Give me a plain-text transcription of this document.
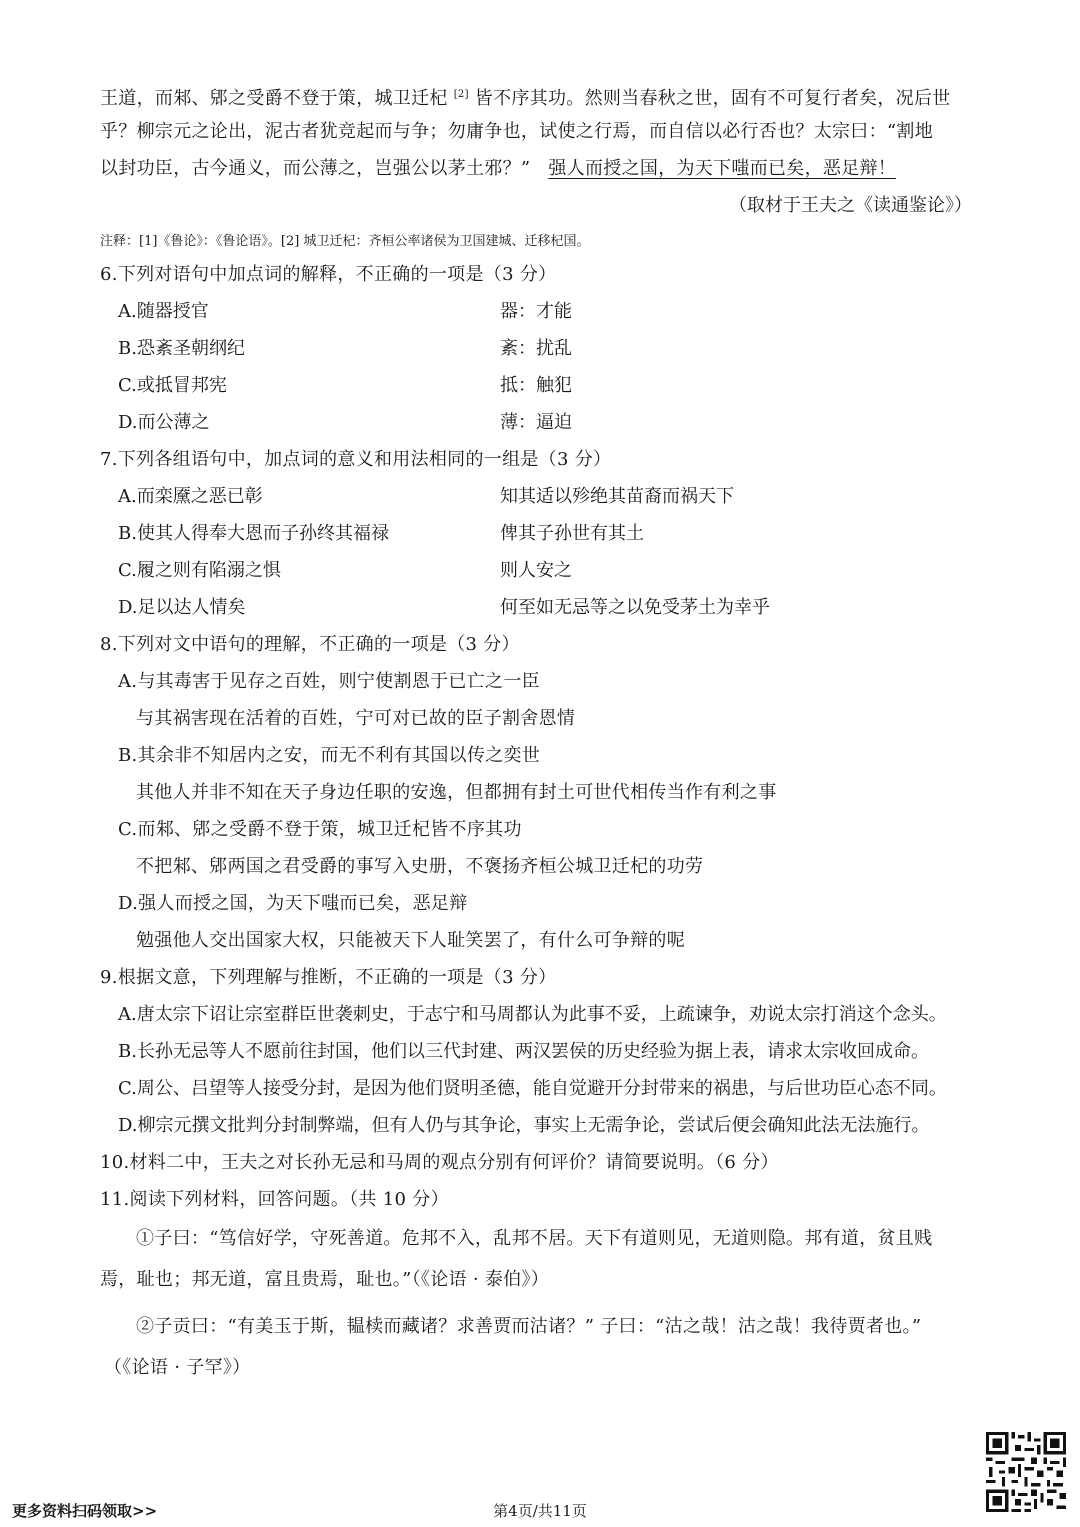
王道，而邾、郳之受爵不登于策，城卫迁杞 [2] 皆不序其功。然则当春秋之世，固有不可复行者矣，况后世
乎？柳宗元之论出，泥古者犹竞起而与争；勿庸争也，试使之行焉，而自信以必行否也？太宗曰：“割地
以封功臣，古今通义，而公薄之，岂强公以茅土邪？” 强人而授之国，为天下嗤而已矣，恶足辩！
（取材于王夫之《读通鉴论》）
注释：[1]《鲁论》：《鲁论语》。[2] 城卫迁杞：齐桓公率诸侯为卫国建城、迁移杞国。
6.下列对语句中加点词的解释，不正确的一项是（3 分）
A.随器授官	器：才能
B.恐紊圣朝纲纪	紊：扰乱
C.或抵冒邦宪	抵：触犯
D.而公薄之	薄：逼迫
7.下列各组语句中，加点词的意义和用法相同的一组是（3 分）
A.而栾黡之恶已彰	知其适以殄绝其苗裔而祸天下
B.使其人得奉大恩而子孙终其福禄	俾其子孙世有其土
C.履之则有陷溺之惧	则人安之
D.足以达人情矣	何至如无忌等之以免受茅土为幸乎
8.下列对文中语句的理解，不正确的一项是（3 分）
A.与其毒害于见存之百姓，则宁使割恩于已亡之一臣
与其祸害现在活着的百姓，宁可对已故的臣子割舍恩情
B.其余非不知居内之安，而无不利有其国以传之奕世
其他人并非不知在天子身边任职的安逸，但都拥有封土可世代相传当作有利之事
C.而邾、郳之受爵不登于策，城卫迁杞皆不序其功
不把邾、郳两国之君受爵的事写入史册，不褒扬齐桓公城卫迁杞的功劳
D.强人而授之国，为天下嗤而已矣，恶足辩
勉强他人交出国家大权，只能被天下人耻笑罢了，有什么可争辩的呢
9.根据文意，下列理解与推断，不正确的一项是（3 分）
A.唐太宗下诏让宗室群臣世袭刺史，于志宁和马周都认为此事不妥，上疏谏争，劝说太宗打消这个念头。
B.长孙无忌等人不愿前往封国，他们以三代封建、两汉罢侯的历史经验为据上表，请求太宗收回成命。
C.周公、吕望等人接受分封，是因为他们贤明圣德，能自觉避开分封带来的祸患，与后世功臣心态不同。
D.柳宗元撰文批判分封制弊端，但有人仍与其争论，事实上无需争论，尝试后便会确知此法无法施行。
10.材料二中，王夫之对长孙无忌和马周的观点分别有何评价？请简要说明。（6 分）
11.阅读下列材料，回答问题。（共 10 分）
①子曰：“笃信好学，守死善道。危邦不入，乱邦不居。天下有道则见，无道则隐。邦有道，贫且贱
焉，耻也；邦无道，富且贵焉，耻也。”（《论语 · 泰伯》）
②子贡曰：“有美玉于斯，韫椟而藏诸？求善贾而沽诸？” 子曰：“沽之哉！沽之哉！我待贾者也。”
（《论语 · 子罕》）
更多资料扫码领取>>	第4页/共11页
